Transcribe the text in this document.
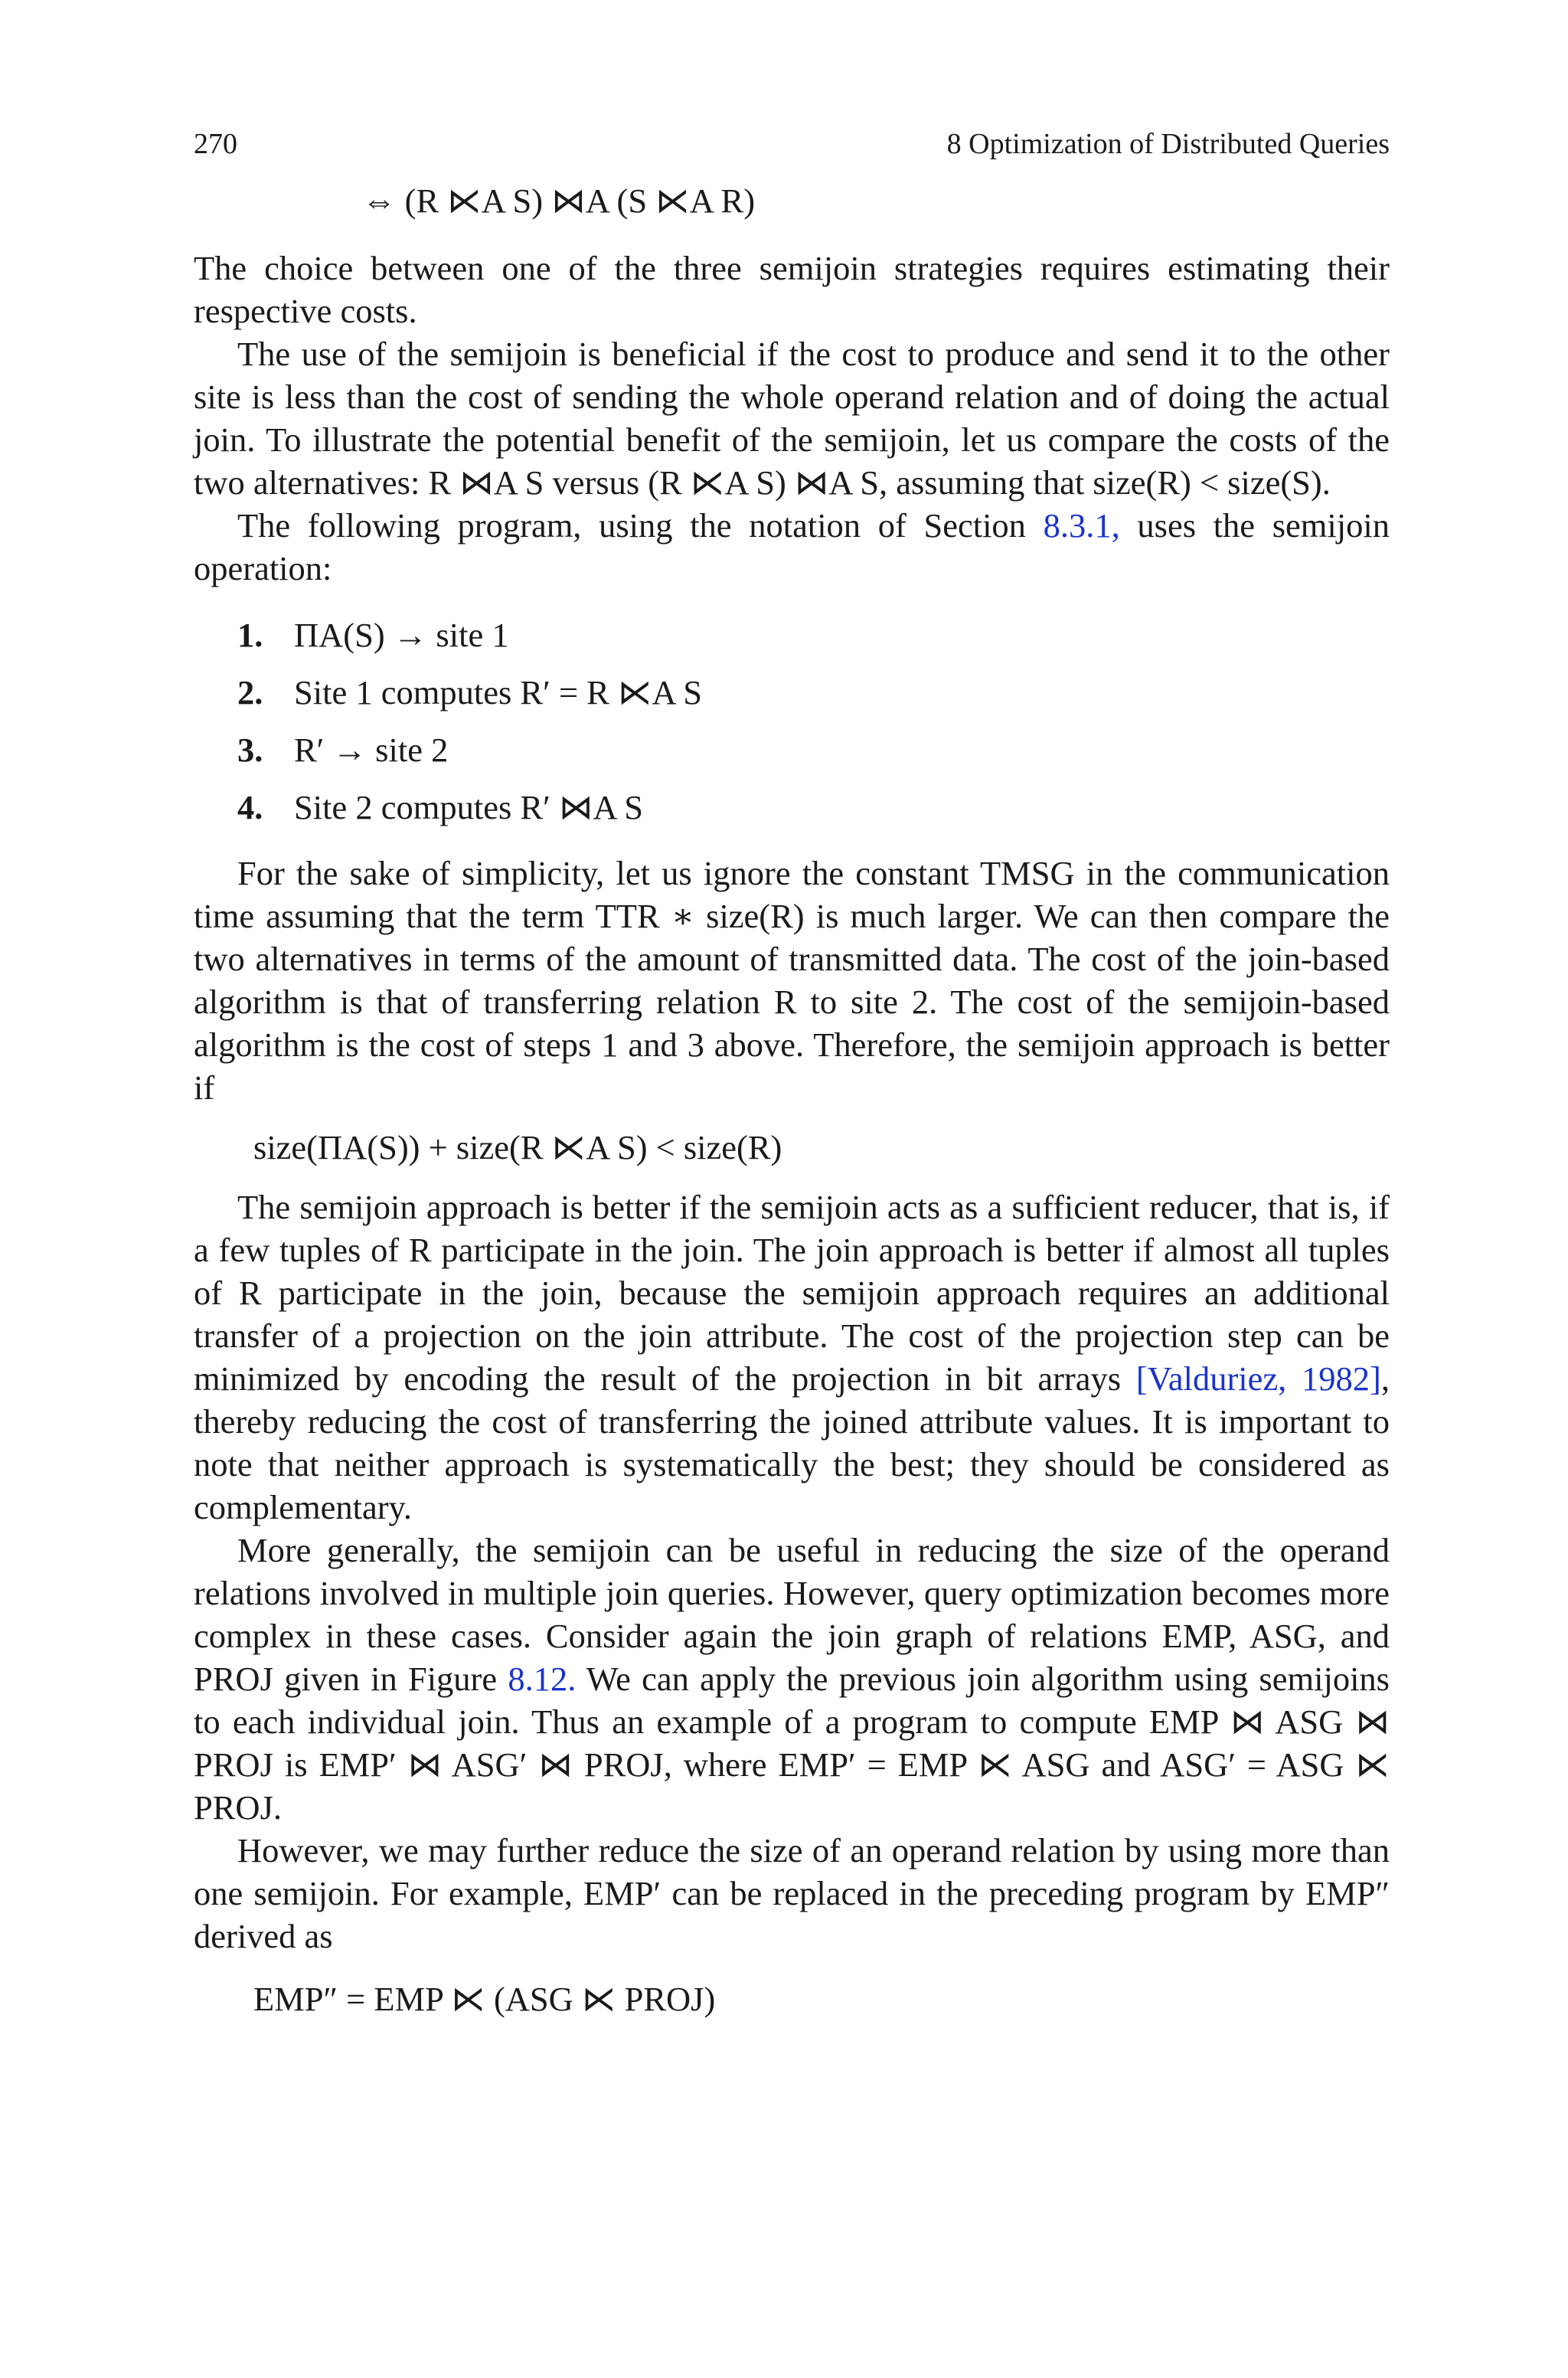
270	8 Optimization of Distributed Queries
⇔ (R ⋉A S) ⋈A (S ⋉A R)

The choice between one of the three semijoin strategies requires estimating their respective costs.

The use of the semijoin is beneficial if the cost to produce and send it to the other site is less than the cost of sending the whole operand relation and of doing the actual join. To illustrate the potential benefit of the semijoin, let us compare the costs of the two alternatives: R ⋈A S versus (R ⋉A S) ⋈A S, assuming that size(R) < size(S).

The following program, using the notation of Section 8.3.1, uses the semijoin operation:

1. ΠA(S) → site 1
2. Site 1 computes R′ = R ⋉A S
3. R′ → site 2
4. Site 2 computes R′ ⋈A S

For the sake of simplicity, let us ignore the constant TMSG in the communication time assuming that the term TTR ∗ size(R) is much larger. We can then compare the two alternatives in terms of the amount of transmitted data. The cost of the join-based algorithm is that of transferring relation R to site 2. The cost of the semijoin-based algorithm is the cost of steps 1 and 3 above. Therefore, the semijoin approach is better if

size(ΠA(S)) + size(R ⋉A S) < size(R)

The semijoin approach is better if the semijoin acts as a sufficient reducer, that is, if a few tuples of R participate in the join. The join approach is better if almost all tuples of R participate in the join, because the semijoin approach requires an additional transfer of a projection on the join attribute. The cost of the projection step can be minimized by encoding the result of the projection in bit arrays [Valduriez, 1982], thereby reducing the cost of transferring the joined attribute values. It is important to note that neither approach is systematically the best; they should be considered as complementary.

More generally, the semijoin can be useful in reducing the size of the operand relations involved in multiple join queries. However, query optimization becomes more complex in these cases. Consider again the join graph of relations EMP, ASG, and PROJ given in Figure 8.12. We can apply the previous join algorithm using semijoins to each individual join. Thus an example of a program to compute EMP ⋈ ASG ⋈ PROJ is EMP′ ⋈ ASG′ ⋈ PROJ, where EMP′ = EMP ⋉ ASG and ASG′ = ASG ⋉ PROJ.

However, we may further reduce the size of an operand relation by using more than one semijoin. For example, EMP′ can be replaced in the preceding program by EMP″ derived as

EMP″ = EMP ⋉ (ASG ⋉ PROJ)
